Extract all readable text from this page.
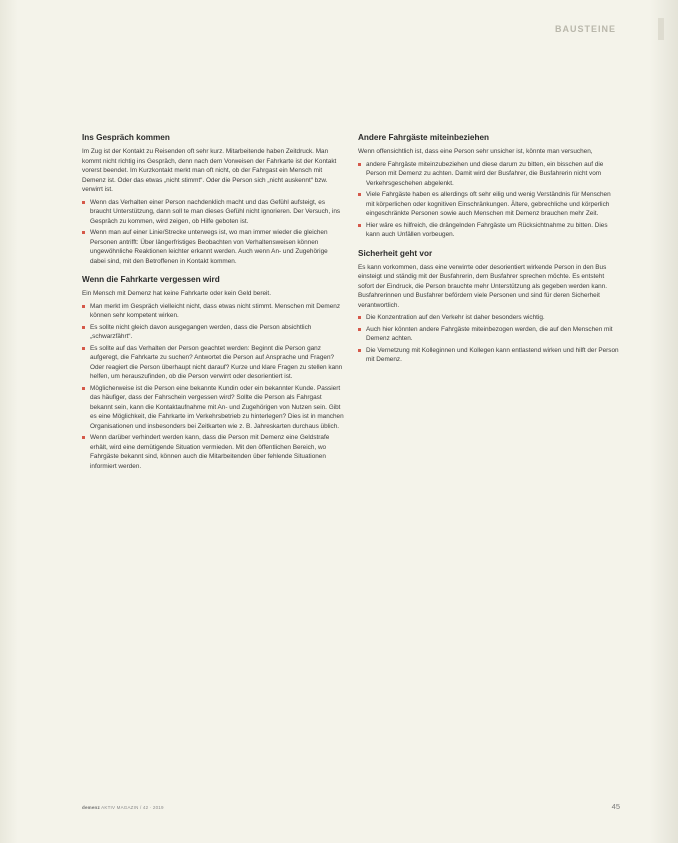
BAUSTEINE
Ins Gespräch kommen

Im Zug ist der Kontakt zu Reisenden oft sehr kurz. Mitarbeitende haben Zeitdruck. Man kommt nicht richtig ins Gespräch, denn nach dem Vorweisen der Fahrkarte ist der Kontakt vorerst beendet. Im Kurzkontakt merkt man oft nicht, ob der Fahrgast ein Mensch mit Demenz ist. Oder das etwas „nicht stimmt“. Oder die Person sich „nicht auskennt“ bzw. verwirrt ist.

Wenn das Verhalten einer Person nachdenklich macht und das Gefühl aufsteigt, es braucht Unterstützung, dann soll te man dieses Gefühl nicht ignorieren. Der Versuch, ins Gespräch zu kommen, wird zeigen, ob Hilfe geboten ist.
Wenn man auf einer Linie/Strecke unterwegs ist, wo man immer wieder die gleichen Personen antrifft: Über längerfristiges Beobachten von Verhaltensweisen können ungewöhnliche Reaktionen leichter erkannt werden. Auch wenn An- und Zugehörige dabei sind, mit den Betroffenen in Kontakt kommen.
Wenn die Fahrkarte vergessen wird

Ein Mensch mit Demenz hat keine Fahrkarte oder kein Geld bereit.

Man merkt im Gespräch vielleicht nicht, dass etwas nicht stimmt. Menschen mit Demenz können sehr kompetent wirken.
Es sollte nicht gleich davon ausgegangen werden, dass die Person absichtlich „schwarzfährt“.
Es sollte auf das Verhalten der Person geachtet werden: Beginnt die Person ganz aufgeregt, die Fahrkarte zu suchen? Antwortet die Person auf Ansprache und Fragen? Oder reagiert die Person überhaupt nicht darauf? Kurze und klare Fragen zu stellen kann helfen, um herauszufinden, ob die Person verwirrt oder desorientiert ist.
Möglicherweise ist die Person eine bekannte Kundin oder ein bekannter Kunde. Passiert das häufiger, dass der Fahrschein vergessen wird? Sollte die Person als Fahrgast bekannt sein, kann die Kontaktaufnahme mit An- und Zugehörigen von Nutzen sein. Gibt es eine Möglichkeit, die Fahrkarte im Verkehrsbetrieb zu hinterlegen? Dies ist in manchen Organisationen und insbesonders bei Zeitkarten wie z. B. Jahreskarten durchaus üblich.
Wenn darüber verhindert werden kann, dass die Person mit Demenz eine Geldstrafe erhält, wird eine demütigende Situation vermieden. Mit den öffentlichen Bereich, wo Fahrgäste bekannt sind, können auch die Mitarbeitenden über fehlende Situationen informiert werden.
Andere Fahrgäste miteinbeziehen

Wenn offensichtlich ist, dass eine Person sehr unsicher ist, könnte man versuchen,

andere Fahrgäste miteinzubeziehen und diese darum zu bitten, ein bisschen auf die Person mit Demenz zu achten. Damit wird der Busfahrer, die Busfahrerin nicht vom Verkehrsgeschehen abgelenkt.
Viele Fahrgäste haben es allerdings oft sehr eilig und wenig Verständnis für Menschen mit körperlichen oder kognitiven Einschränkungen. Ältere, gebrechliche und körperlich eingeschränkte Personen sowie auch Menschen mit Demenz brauchen mehr Zeit.
Hier wäre es hilfreich, die drängelnden Fahrgäste um Rücksichtnahme zu bitten. Dies kann auch Unfällen vorbeugen.
Sicherheit geht vor

Es kann vorkommen, dass eine verwirrte oder desorientiert wirkende Person in den Bus einsteigt und ständig mit der Busfahrerin, dem Busfahrer sprechen möchte. Es entsteht sofort der Eindruck, die Person brauchte mehr Unterstützung als gegeben werden kann. Busfahrerinnen und Busfahrer befördern viele Personen und sind für deren Sicherheit verantwortlich.

Die Konzentration auf den Verkehr ist daher besonders wichtig.
Auch hier könnten andere Fahrgäste miteinbezogen werden, die auf den Menschen mit Demenz achten.
Die Vernetzung mit Kolleginnen und Kollegen kann entlastend wirken und hilft der Person mit Demenz.
demenz AKTIV MAGAZIN / 42 · 2019	45
